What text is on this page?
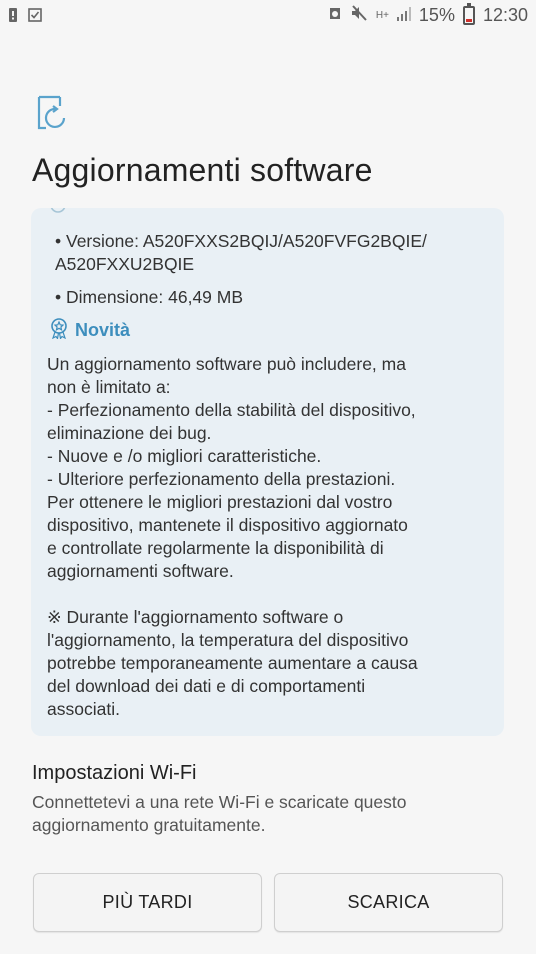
H+ 15% 12:30
Aggiornamenti software
• Versione: A520FXXS2BQIJ/A520FVFG2BQIE/
A520FXXU2BQIE
• Dimensione: 46,49 MB
Novità
Un aggiornamento software può includere, ma
non è limitato a:
- Perfezionamento della stabilità del dispositivo,
eliminazione dei bug.
- Nuove e /o migliori caratteristiche.
- Ulteriore perfezionamento della prestazioni.
Per ottenere le migliori prestazioni dal vostro
dispositivo, mantenete il dispositivo aggiornato
e controllate regolarmente la disponibilità di
aggiornamenti software.

※ Durante l'aggiornamento software o
l'aggiornamento, la temperatura del dispositivo
potrebbe temporaneamente aumentare a causa
del download dei dati e di comportamenti
associati.
Impostazioni Wi-Fi
Connettetevi a una rete Wi-Fi e scaricate questo aggiornamento gratuitamente.
PIÙ TARDI	SCARICA
